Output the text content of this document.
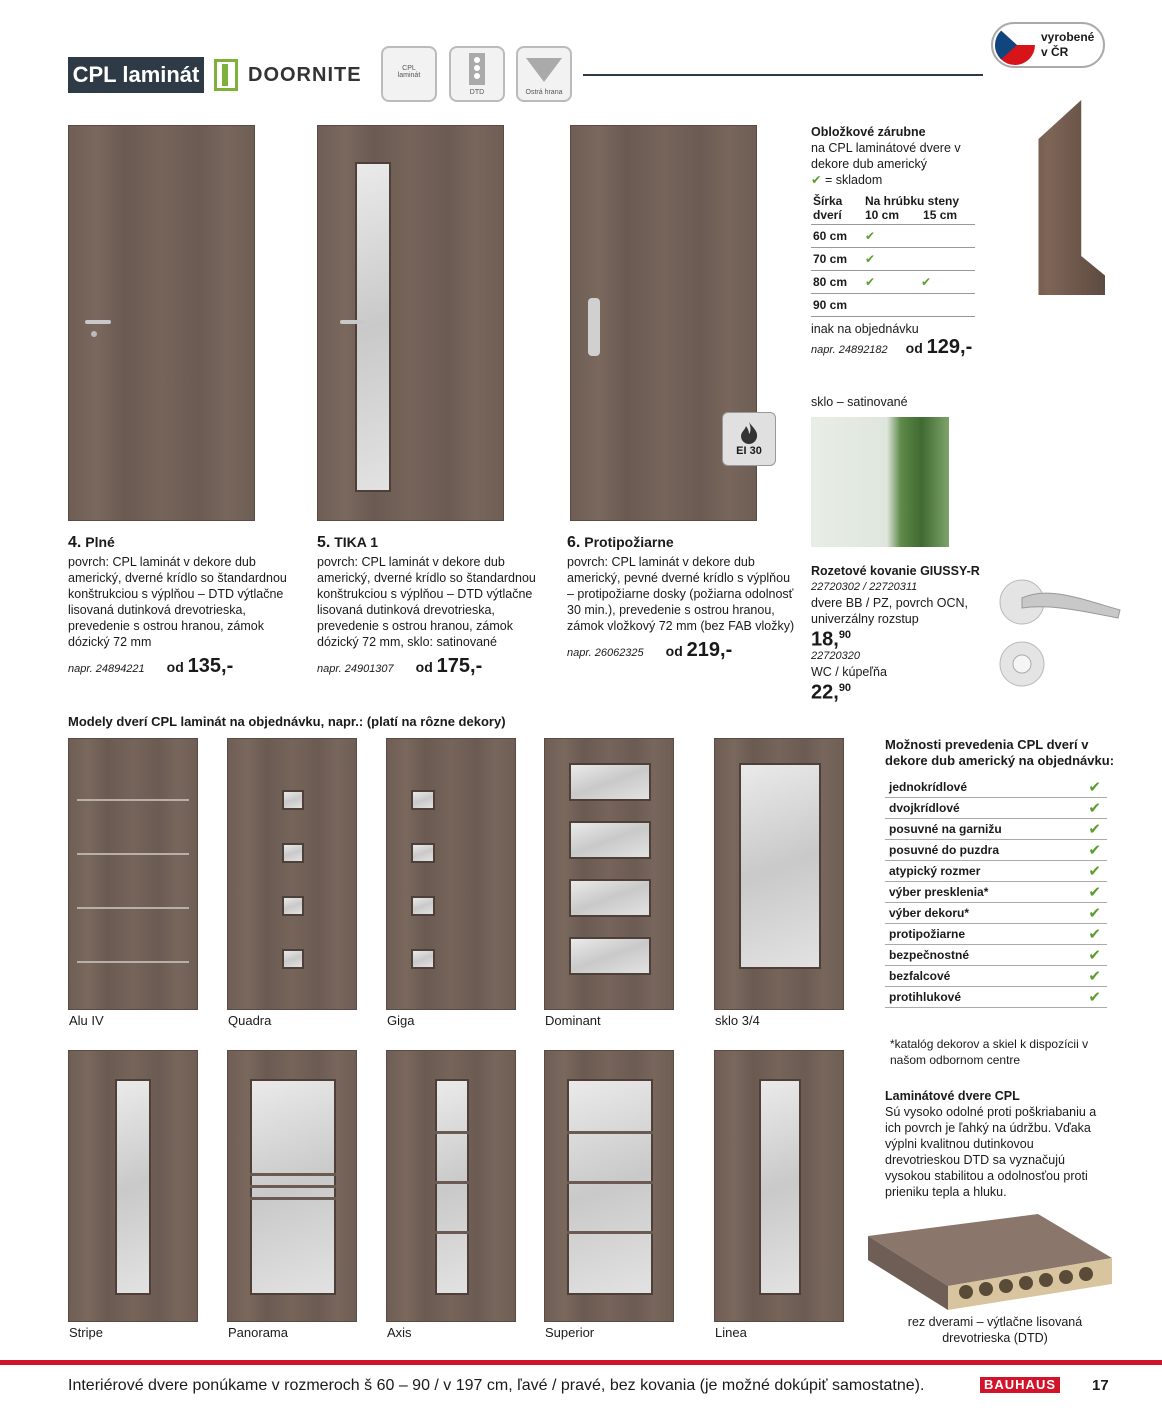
CPL laminát DOORNITE	CPL
laminát
DTD	Ostrá hrana
vyrobené
v ČR
EI 30
4. Plné
povrch: CPL laminát v dekore dub americký, dverné krídlo so štandardnou konštrukciou s výplňou – DTD výtlačne lisovaná dutinková drevotrieska, prevedenie s ostrou hranou, zámok dózický 72 mm
napr. 24894221 od 135,-
5. TIKA 1
povrch: CPL laminát v dekore dub americký, dverné krídlo so štandardnou konštrukciou s výplňou – DTD výtlačne lisovaná dutinková drevotrieska, prevedenie s ostrou hranou, zámok dózický 72 mm, sklo: satinované
napr. 24901307 od 175,-
6. Protipožiarne
povrch: CPL laminát v dekore dub americký, pevné dverné krídlo s výplňou – protipožiarne dosky (požiarna odolnosť 30 min.), prevedenie s ostrou hranou, zámok vložkový 72 mm (bez FAB vložky)
napr. 26062325 od 219,-
Obložkové zárubne
na CPL laminátové dvere v dekore dub americký
✔ = skladom
Šírka dverí	Na hrúbku steny
10 cm 15 cm	

60 cm	✔	
70 cm	✔	
80 cm	✔	✔
90 cm		
inak na objednávku
napr. 24892182 od 129,-
sklo – satinované
Rozetové kovanie GIUSSY-R
22720302 / 22720311
dvere BB / PZ, povrch OCN, univerzálny rozstup
18,90
22720320
WC / kúpeľňa
22,90
Modely dverí CPL laminát na objednávku, napr.: (platí na rôzne dekory)
Alu IV	Quadra	Giga	Dominant	sklo 3/4
Stripe	Panorama	Axis	Superior	Linea
Možnosti prevedenia CPL dverí v dekore dub americký na objednávku:
jednokrídlové	✔
dvojkrídlové	✔
posuvné na garnižu	✔
posuvné do puzdra	✔
atypický rozmer	✔
výber presklenia*	✔
výber dekoru*	✔
protipožiarne	✔
bezpečnostné	✔
bezfalcové	✔
protihlukové	✔
*katalóg dekorov a skiel k dispozícii v našom odbornom centre
Laminátové dvere CPL
Sú vysoko odolné proti poškriabaniu a ich povrch je ľahký na údržbu. Vďaka výplni kvalitnou dutinkovou drevotrieskou DTD sa vyznačujú vysokou stabilitou a odolnosťou proti prieniku tepla a hluku.
rez dverami – výtlačne lisovaná drevotrieska (DTD)
Interiérové dvere ponúkame v rozmeroch š 60 – 90 / v 197 cm, ľavé / pravé, bez kovania (je možné dokúpiť samostatne).	BAUHAUS 17
